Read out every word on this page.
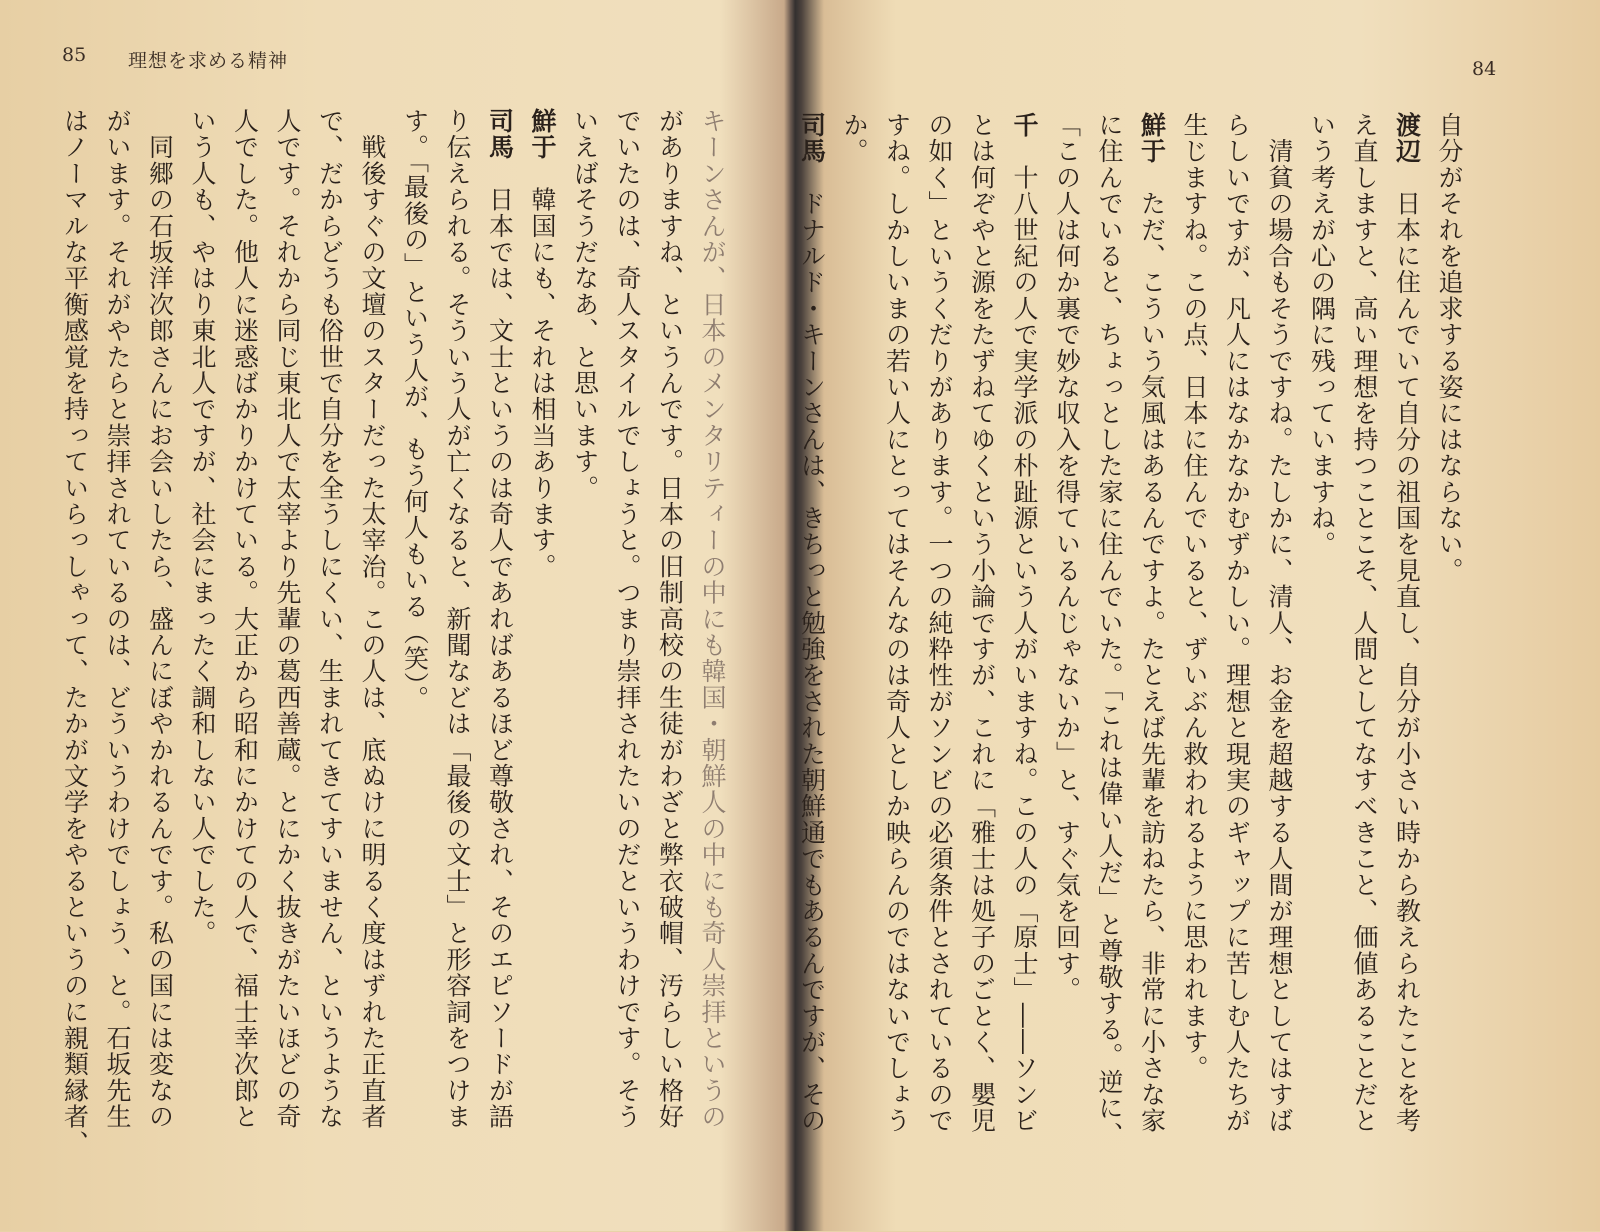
85 理想を求める精神
キーンさんが、日本のメンタリティーの中にも韓国・朝鮮人の中にも奇人崇拝というの
がありますね、というんです。日本の旧制高校の生徒がわざと弊衣破帽、汚らしい格好
でいたのは、奇人スタイルでしょうと。つまり崇拝されたいのだというわけです。そう
いえばそうだなあ、と思います。
鮮于　韓国にも、それは相当あります。
司馬　日本では、文士というのは奇人であればあるほど尊敬され、そのエピソードが語
り伝えられる。そういう人が亡くなると、新聞などは「最後の文士」と形容詞をつけま
す。「最後の」という人が、もう何人もいる（笑）。
　戦後すぐの文壇のスターだった太宰治。この人は、底ぬけに明るく度はずれた正直者
で、だからどうも俗世で自分を全うしにくい、生まれてきてすいません、というような
人です。それから同じ東北人で太宰より先輩の葛西善蔵。とにかく抜きがたいほどの奇
人でした。他人に迷惑ばかりかけている。大正から昭和にかけての人で、福士幸次郎と
いう人も、やはり東北人ですが、社会にまったく調和しない人でした。
　同郷の石坂洋次郎さんにお会いしたら、盛んにぼやかれるんです。私の国には変なの
がいます。それがやたらと崇拝されているのは、どういうわけでしょう、と。石坂先生
はノーマルな平衡感覚を持っていらっしゃって、たかが文学をやるというのに親類縁者、
84
自分がそれを追求する姿にはならない。
渡辺　日本に住んでいて自分の祖国を見直し、自分が小さい時から教えられたことを考
え直しますと、高い理想を持つことこそ、人間としてなすべきこと、価値あることだと
いう考えが心の隅に残っていますね。
　清貧の場合もそうですね。たしかに、清人、お金を超越する人間が理想としてはすば
らしいですが、凡人にはなかなかむずかしい。理想と現実のギャップに苦しむ人たちが
生じますね。この点、日本に住んでいると、ずいぶん救われるように思われます。
鮮于　ただ、こういう気風はあるんですよ。たとえば先輩を訪ねたら、非常に小さな家
に住んでいると、ちょっとした家に住んでいた。「これは偉い人だ」と尊敬する。逆に、
「この人は何か裏で妙な収入を得ているんじゃないか」と、すぐ気を回す。
千　十八世紀の人で実学派の朴趾源という人がいますね。この人の「原士」――ソンビ
とは何ぞやと源をたずねてゆくという小論ですが、これに「雅士は処子のごとく、嬰児
の如く」というくだりがあります。一つの純粋性がソンビの必須条件とされているので
すね。しかしいまの若い人にとってはそんなのは奇人としか映らんのではないでしょう
か。
司馬　ドナルド・キーンさんは、きちっと勉強をされた朝鮮通でもあるんですが、その
